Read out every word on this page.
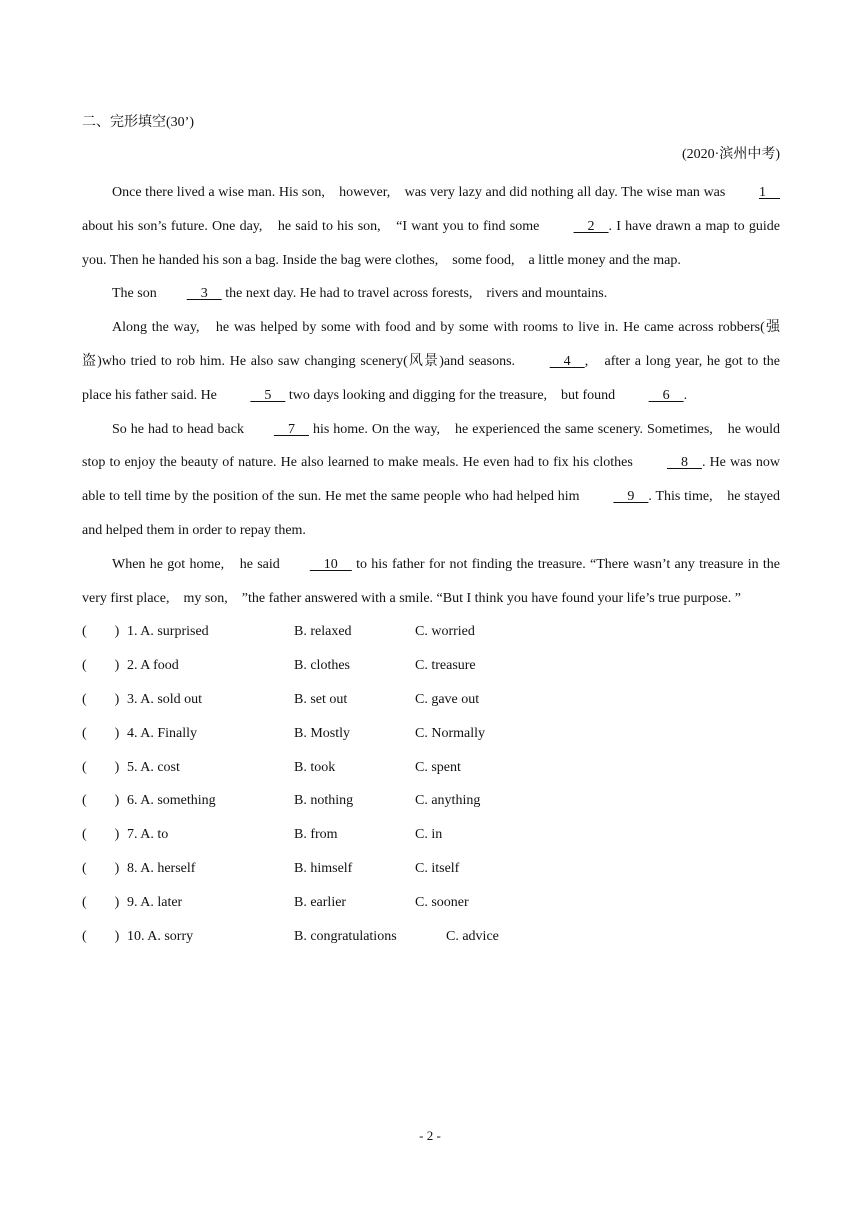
二、完形填空(30’)
(2020·滨州中考)

Once there lived a wise man. His son,　however,　was very lazy and did nothing all day. The wise man was 1　 about his son’s future. One day,　he said to his son,　“I want you to find some 　2　. I have drawn a map to guide you. Then he handed his son a bag. Inside the bag were clothes,　some food,　a little money and the map.

The son　3　 the next day. He had to travel across forests,　rivers and mountains.

Along the way,　he was helped by some with food and by some with rooms to live in. He came across robbers(强盗)who tried to rob him. He also saw changing scenery(风景)and seasons. 　4　,　after a long year, he got to the place his father said. He 　5　 two days looking and digging for the treasure,　but found 　6　.

So he had to head back　7　 his home. On the way,　he experienced the same scenery. Sometimes,　he would stop to enjoy the beauty of nature. He also learned to make meals. He even had to fix his clothes 　8　. He was now able to tell time by the position of the sun. He met the same people who had helped him 　9　. This time,　he stayed and helped them in order to repay them.

When he got home,　he said　10　 to his father for not finding the treasure. “There wasn’t any treasure in the very first place,　my son,　”the father answered with a smile. “But I think you have found your life’s true purpose. ”

(　　) 1. A. surprised	B. relaxed	C. worried
(　　) 2. A food	B. clothes	C. treasure
(　　) 3. A. sold out	B. set out	C. gave out
(　　) 4. A. Finally	B. Mostly	C. Normally
(　　) 5. A. cost	B. took	C. spent
(　　) 6. A. something	B. nothing	C. anything
(　　) 7. A. to	B. from	C. in
(　　) 8. A. herself	B. himself	C. itself
(　　) 9. A. later	B. earlier	C. sooner
(　　) 10. A. sorry	B. congratulations	C. advice
- 2 -
